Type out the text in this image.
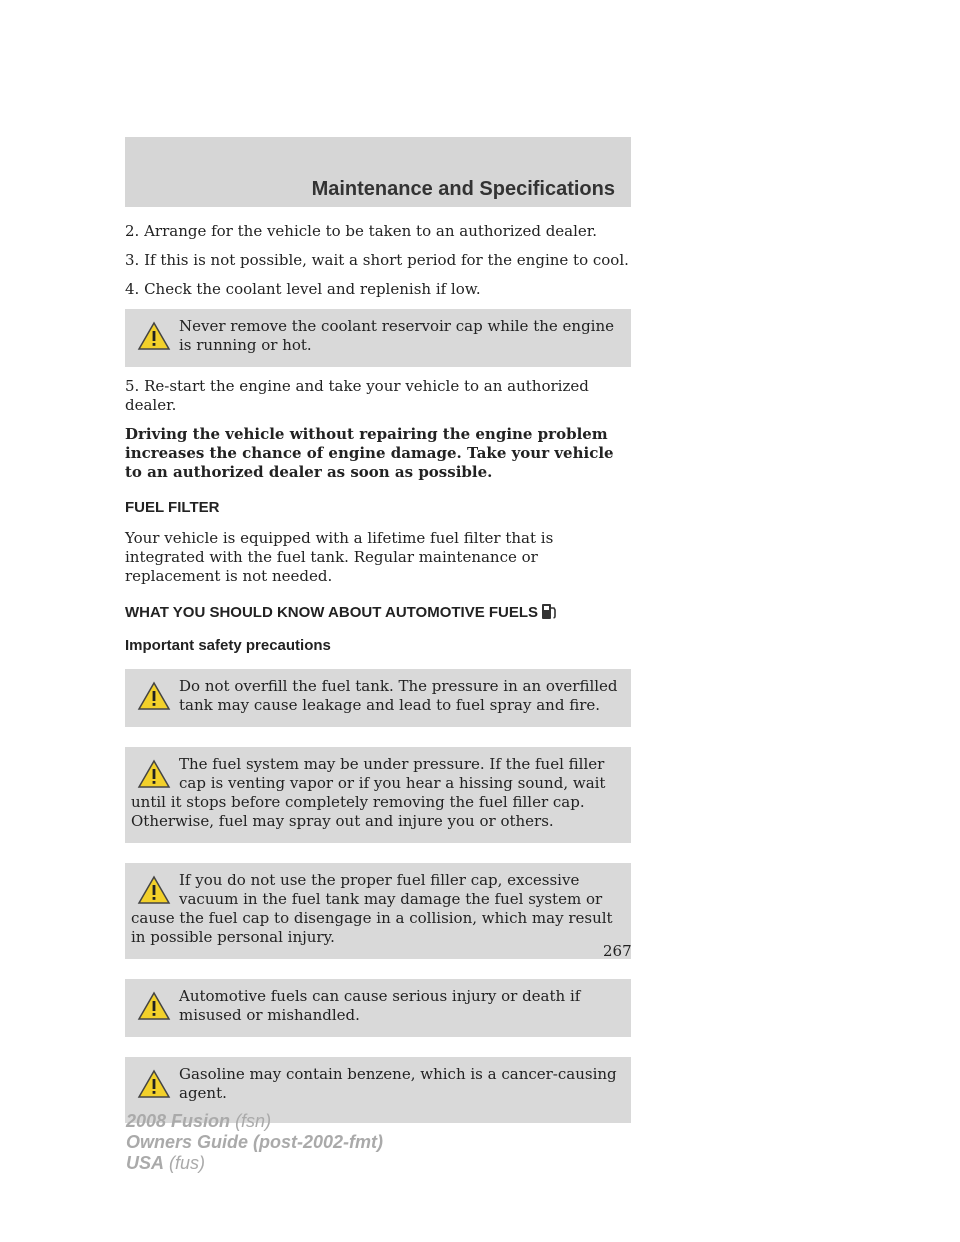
Maintenance and Specifications

2. Arrange for the vehicle to be taken to an authorized dealer.

3. If this is not possible, wait a short period for the engine to cool.

4. Check the coolant level and replenish if low.

Never remove the coolant reservoir cap while the engine is running or hot.

5. Re-start the engine and take your vehicle to an authorized dealer.

Driving the vehicle without repairing the engine problem increases the chance of engine damage. Take your vehicle to an authorized dealer as soon as possible.

FUEL FILTER

Your vehicle is equipped with a lifetime fuel filter that is integrated with the fuel tank. Regular maintenance or replacement is not needed.

WHAT YOU SHOULD KNOW ABOUT AUTOMOTIVE FUELS

Important safety precautions

Do not overfill the fuel tank. The pressure in an overfilled tank may cause leakage and lead to fuel spray and fire.
The fuel system may be under pressure. If the fuel filler cap is venting vapor or if you hear a hissing sound, wait until it stops before completely removing the fuel filler cap. Otherwise, fuel may spray out and injure you or others.
If you do not use the proper fuel filler cap, excessive vacuum in the fuel tank may damage the fuel system or cause the fuel cap to disengage in a collision, which may result in possible personal injury.
Automotive fuels can cause serious injury or death if misused or mishandled.
Gasoline may contain benzene, which is a cancer-causing agent.
267
2008 Fusion (fsn)
Owners Guide (post-2002-fmt)
USA (fus)
